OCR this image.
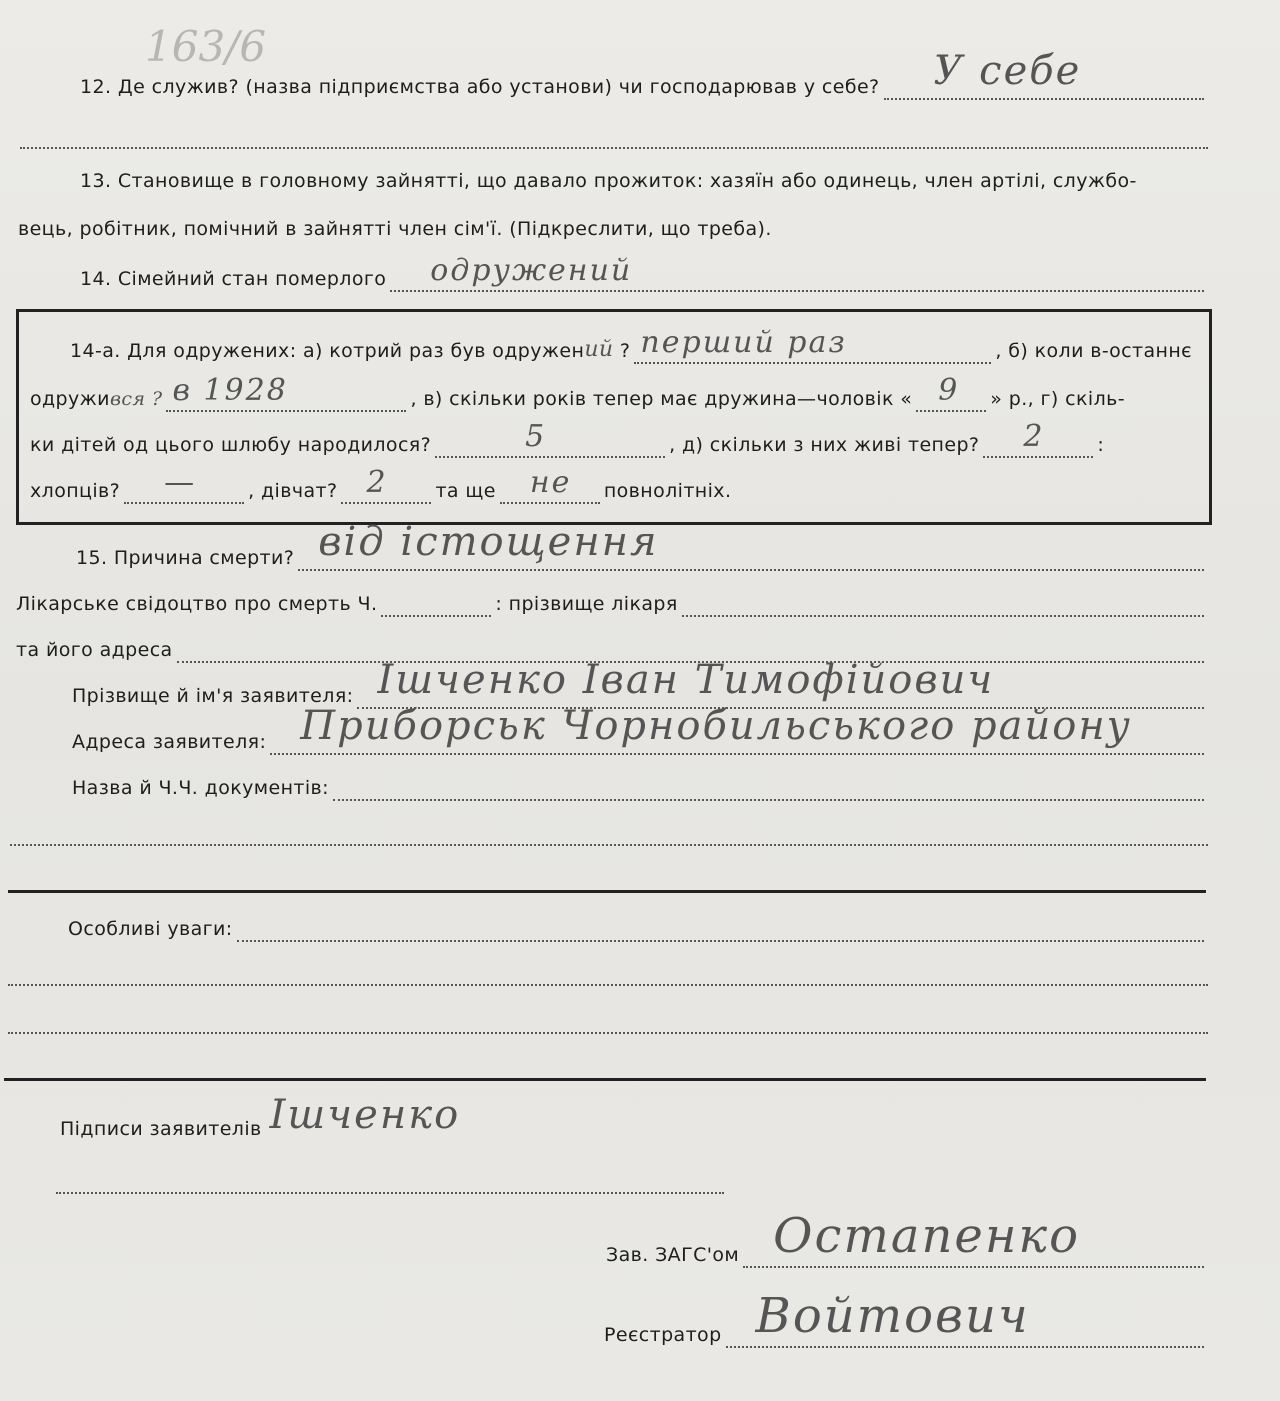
163/6
12. Де служив? (назва підприємства або установи) чи господарював у себе? У себе
13. Становище в головному зайнятті, що давало прожиток: хазяїн або одинець, член артілі, службо-
вець, робітник, помічний в зайнятті член сім'ї. (Підкреслити, що треба).
14. Сімейний стан померлого одружений
14-а. Для одружених: а) котрий раз був одружен ий ? перший раз	, б) коли в-останнє
одружи вся ? в 1928	, в) скільки років тепер має дружина—чоловік « 9 » р., г) скіль-
ки дітей од цього шлюбу народилося?	5	, д) скільки з них живі тепер? 2	:
хлопців? —	, дівчат? 2	та ще не повнолітніх.
15. Причина смерти? від істощення
Лікарське свідоцтво про смерть Ч.	: прізвище лікаря
та його адреса
Прізвище й ім'я заявителя: Ішченко Іван Тимофійович
Адреса заявителя: Приборськ Чорнобильського району
Назва й Ч.Ч. документів:
Особливі уваги:
Підписи заявителів Ішченко
Зав. ЗАГС'ом Остапенко
Реєстратор Войтович
